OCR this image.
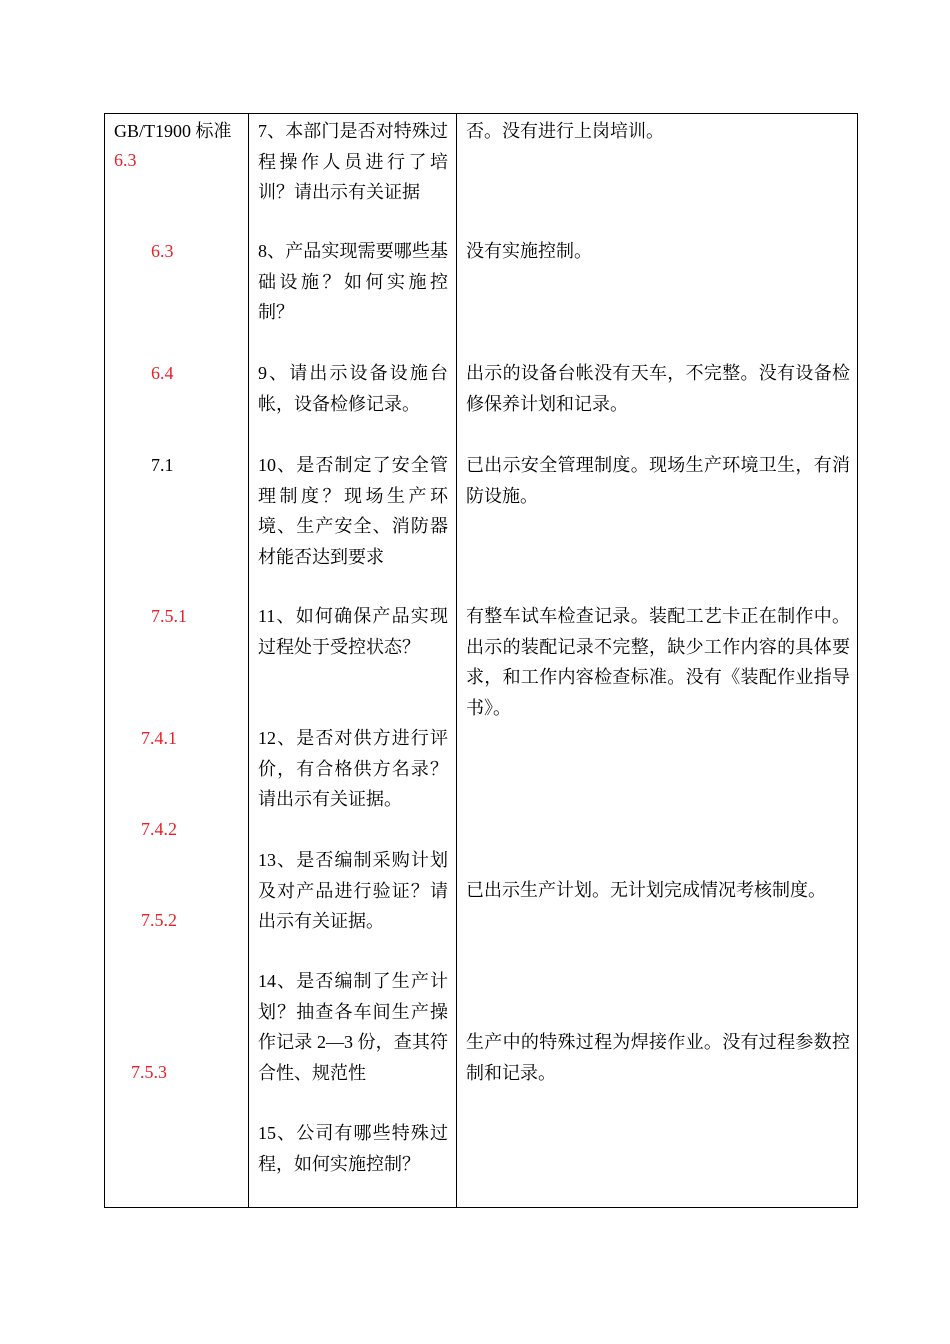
GB/T1900 标准
6.3
6.3
6.4
7.1
7.5.1
7.4.1
7.4.2
7.5.2
7.5.3
7、本部门是否对特殊过程操作人员进行了培训？请出示有关证据
8、产品实现需要哪些基础设施？如何实施控制？
9、请出示设备设施台帐，设备检修记录。
10、是否制定了安全管理制度？现场生产环境、生产安全、消防器材能否达到要求
11、如何确保产品实现过程处于受控状态？
12、是否对供方进行评价，有合格供方名录？请出示有关证据。
13、是否编制采购计划及对产品进行验证？请出示有关证据。
14、是否编制了生产计划？抽查各车间生产操作记录 2—3 份，查其符合性、规范性
15、公司有哪些特殊过程，如何实施控制？
否。没有进行上岗培训。
没有实施控制。
出示的设备台帐没有天车，不完整。没有设备检修保养计划和记录。
已出示安全管理制度。现场生产环境卫生，有消防设施。
有整车试车检查记录。装配工艺卡正在制作中。出示的装配记录不完整，缺少工作内容的具体要求，和工作内容检查标准。没有《装配作业指导书》。
已出示生产计划。无计划完成情况考核制度。
生产中的特殊过程为焊接作业。没有过程参数控制和记录。
